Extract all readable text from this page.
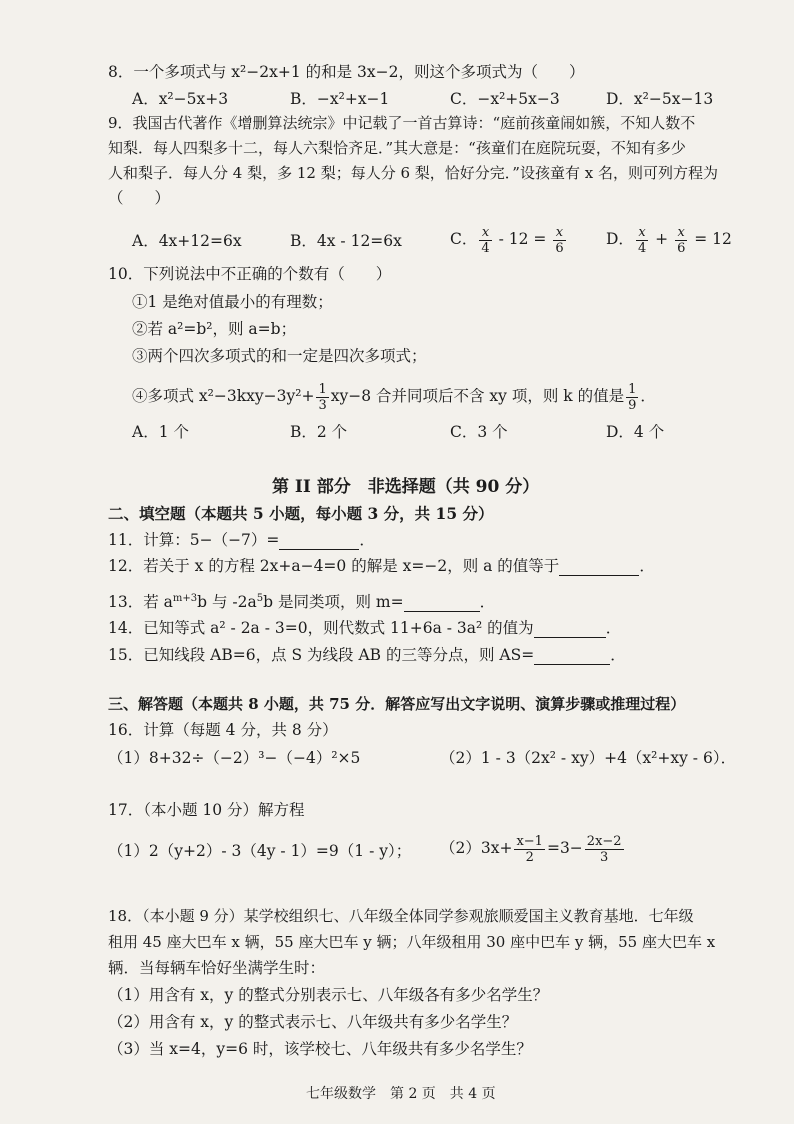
8．一个多项式与 x²−2x+1 的和是 3x−2，则这个多项式为（　　）
A．x²−5x+3	B．−x²+x−1	C．−x²+5x−3	D．x²−5x−13
9．我国古代著作《增删算法统宗》中记载了一首古算诗：“庭前孩童闹如簇，不知人数不
知梨．每人四梨多十二，每人六梨恰齐足．”其大意是：“孩童们在庭院玩耍，不知有多少
人和梨子．每人分 4 梨，多 12 梨；每人分 6 梨，恰好分完．”设孩童有 x 名，则可列方程为
（　　）
A．4x+12=6x	B．4x - 12=6x	C． $\frac{x}{4} - 12 = \frac{x}{6}$	D． $\frac{x}{4} + \frac{x}{6} = 12$
10．下列说法中不正确的个数有（　　）
①1 是绝对值最小的有理数；
②若 a²=b²，则 a=b；
③两个四次多项式的和一定是四次多项式；
④多项式 $x^2-3kxy-3y^2+ \frac{1}{3} xy-8$ 合并同项后不含 xy 项，则 k 的值是 $\frac{1}{9}$ ．
A．1 个	B．2 个	C．3 个	D．4 个
第 II 部分　非选择题（共 90 分）
二、填空题（本题共 5 小题，每小题 3 分，共 15 分）
11．计算：5−（−7）=	．
12．若关于 x 的方程 2x+a−4=0 的解是 x=−2，则 a 的值等于	．
13．若 $a^{m+3}b$ 与 $-2a^5b$ 是同类项，则 m=	．
14．已知等式 a² - 2a - 3=0，则代数式 11+6a - 3a² 的值为	．
15．已知线段 AB=6，点 S 为线段 AB 的三等分点，则 AS=	．
三、解答题（本题共 8 小题，共 75 分．解答应写出文字说明、演算步骤或推理过程）
16．计算（每题 4 分，共 8 分）
（1）8+32÷（−2）³−（−4）²×5	（2）1 - 3（2x² - xy）+4（x²+xy - 6）．
17．（本小题 10 分）解方程
（1）2（y+2）- 3（4y - 1）=9（1 - y）； $(2)3x+ \frac{x-1}{2} =3- \frac{2x-2}{3}$
18．（本小题 9 分）某学校组织七、八年级全体同学参观旅顺爱国主义教育基地．七年级
租用 45 座大巴车 x 辆，55 座大巴车 y 辆；八年级租用 30 座中巴车 y 辆，55 座大巴车 x
辆．当每辆车恰好坐满学生时：
（1）用含有 x，y 的整式分别表示七、八年级各有多少名学生？
（2）用含有 x，y 的整式表示七、八年级共有多少名学生？
（3）当 x=4，y=6 时，该学校七、八年级共有多少名学生？
七年级数学　第 2 页　共 4 页
